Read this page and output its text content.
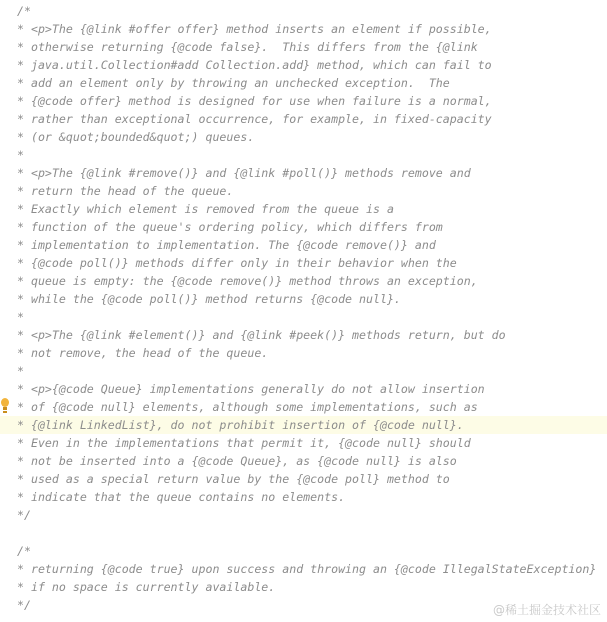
/*
* <p>The {@link #offer offer} method inserts an element if possible,
* otherwise returning {@code false}.  This differs from the {@link
* java.util.Collection#add Collection.add} method, which can fail to
* add an element only by throwing an unchecked exception.  The
* {@code offer} method is designed for use when failure is a normal,
* rather than exceptional occurrence, for example, in fixed-capacity
* (or &quot;bounded&quot;) queues.
*
* <p>The {@link #remove()} and {@link #poll()} methods remove and
* return the head of the queue.
* Exactly which element is removed from the queue is a
* function of the queue's ordering policy, which differs from
* implementation to implementation. The {@code remove()} and
* {@code poll()} methods differ only in their behavior when the
* queue is empty: the {@code remove()} method throws an exception,
* while the {@code poll()} method returns {@code null}.
*
* <p>The {@link #element()} and {@link #peek()} methods return, but do
* not remove, the head of the queue.
*
* <p>{@code Queue} implementations generally do not allow insertion
* of {@code null} elements, although some implementations, such as
* {@link LinkedList}, do not prohibit insertion of {@code null}.
* Even in the implementations that permit it, {@code null} should
* not be inserted into a {@code Queue}, as {@code null} is also
* used as a special return value by the {@code poll} method to
* indicate that the queue contains no elements.
*/
/*
* returning {@code true} upon success and throwing an {@code IllegalStateException}
* if no space is currently available.
*/	@稀土掘金技术社区
